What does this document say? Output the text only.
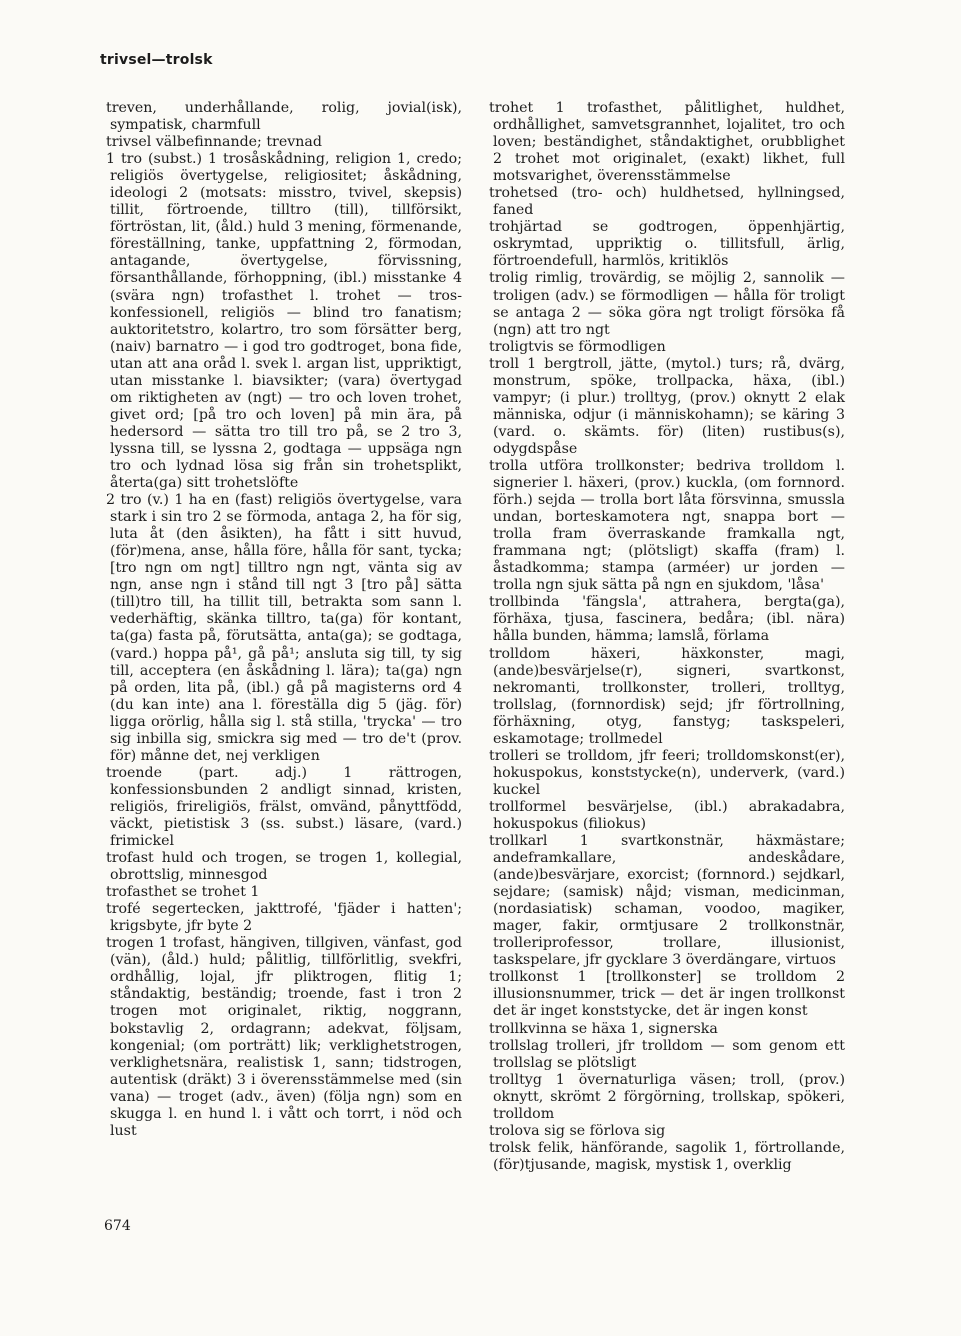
trivsel—trolsk

treven, underhållande, rolig, jovial(isk), sympatisk, charmfull

trivsel välbefinnande; trevnad

1 tro (subst.) 1 trosåskådning, religion 1, credo; religiös övertygelse, religiositet; åskådning, ideologi 2 (motsats: misstro, tvivel, skepsis) tillit, förtroende, tilltro (till), tillförsikt, förtröstan, lit, (åld.) huld 3 mening, förmenande, föreställning, tanke, uppfattning 2, förmodan, antagande, övertygelse, förvissning, försanthållande, förhoppning, (ibl.) misstanke 4 (svära ngn) trofasthet l. trohet — tros- konfessionell, religiös — blind tro fanatism; auktoritetstro, kolartro, tro som försätter berg, (naiv) barnatro — i god tro godtroget, bona fide, utan att ana oråd l. svek l. argan list, uppriktigt, utan misstanke l. biavsikter; (vara) övertygad om riktigheten av (ngt) — tro och loven trohet, givet ord; [på tro och loven] på min ära, på hedersord — sätta tro till tro på, se 2 tro 3, lyssna till, se lyssna 2, godtaga — uppsäga ngn tro och lydnad lösa sig från sin trohetsplikt, återta(ga) sitt trohetslöfte

2 tro (v.) 1 ha en (fast) religiös övertygelse, vara stark i sin tro 2 se förmoda, antaga 2, ha för sig, luta åt (den åsikten), ha fått i sitt huvud, (för)mena, anse, hålla före, hålla för sant, tycka; [tro ngn om ngt] tilltro ngn ngt, vänta sig av ngn, anse ngn i stånd till ngt 3 [tro på] sätta (till)tro till, ha tillit till, betrakta som sann l. vederhäftig, skänka tilltro, ta(ga) för kontant, ta(ga) fasta på, förutsätta, anta(ga); se godtaga, (vard.) hoppa på¹, gå på¹; ansluta sig till, ty sig till, acceptera (en åskådning l. lära); ta(ga) ngn på orden, lita på, (ibl.) gå på magisterns ord 4 (du kan inte) ana l. föreställa dig 5 (jäg. för) ligga orörlig, hålla sig l. stå stilla, 'trycka' — tro sig inbilla sig, smickra sig med — tro de't (prov. för) månne det, nej verkligen

troende (part. adj.) 1 rättrogen, konfessionsbunden 2 andligt sinnad, kristen, religiös, frireligiös, frälst, omvänd, pånyttfödd, väckt, pietistisk 3 (ss. subst.) läsare, (vard.) frimickel

trofast huld och trogen, se trogen 1, kollegial, obrottslig, minnesgod

trofasthet se trohet 1

trofé segertecken, jakttrofé, 'fjäder i hatten'; krigsbyte, jfr byte 2

trogen 1 trofast, hängiven, tillgiven, vänfast, god (vän), (åld.) huld; pålitlig, tillförlitlig, svekfri, ordhållig, lojal, jfr pliktrogen, flitig 1; ståndaktig, beständig; troende, fast i tron 2 trogen mot originalet, riktig, noggrann, bokstavlig 2, ordagrann; adekvat, följsam, kongenial; (om porträtt) lik; verklighetstrogen, verklighetsnära, realistisk 1, sann; tidstrogen, autentisk (dräkt) 3 i överensstämmelse med (sin vana) — troget (adv., även) (följa ngn) som en skugga l. en hund l. i vått och torrt, i nöd och lust

trohet 1 trofasthet, pålitlighet, huldhet, ordhållighet, samvetsgrannhet, lojalitet, tro och loven; beständighet, ståndaktighet, orubblighet 2 trohet mot originalet, (exakt) likhet, full motsvarighet, överensstämmelse

trohetsed (tro- och) huldhetsed, hyllningsed, faned

trohjärtad se godtrogen, öppenhjärtig, oskrymtad, uppriktig o. tillitsfull, ärlig, förtroendefull, harmlös, kritiklös

trolig rimlig, trovärdig, se möjlig 2, sannolik — troligen (adv.) se förmodligen — hålla för troligt se antaga 2 — söka göra ngt troligt försöka få (ngn) att tro ngt

troligtvis se förmodligen

troll 1 bergtroll, jätte, (mytol.) turs; rå, dvärg, monstrum, spöke, trollpacka, häxa, (ibl.) vampyr; (i plur.) trolltyg, (prov.) oknytt 2 elak människa, odjur (i människohamn); se käring 3 (vard. o. skämts. för) (liten) rustibus(s), odygdspåse

trolla utföra trollkonster; bedriva trolldom l. signerier l. häxeri, (prov.) kuckla, (om fornnord. förh.) sejda — trolla bort låta försvinna, smussla undan, borteskamotera ngt, snappa bort — trolla fram överraskande framkalla ngt, frammana ngt; (plötsligt) skaffa (fram) l. åstadkomma; stampa (arméer) ur jorden — trolla ngn sjuk sätta på ngn en sjukdom, 'låsa'

trollbinda 'fängsla', attrahera, bergta(ga), förhäxa, tjusa, fascinera, bedåra; (ibl. nära) hålla bunden, hämma; lamslå, förlama

trolldom häxeri, häxkonster, magi, (ande)besvärjelse(r), signeri, svartkonst, nekromanti, trollkonster, trolleri, trolltyg, trollslag, (fornnordisk) sejd; jfr förtrollning, förhäxning, otyg, fanstyg; taskspeleri, eskamotage; trollmedel

trolleri se trolldom, jfr feeri; trolldomskonst(er), hokuspokus, konststycke(n), underverk, (vard.) kuckel

trollformel besvärjelse, (ibl.) abrakadabra, hokuspokus (filiokus)

trollkarl 1 svartkonstnär, häxmästare; andeframkallare, andeskådare, (ande)besvärjare, exorcist; (fornnord.) sejdkarl, sejdare; (samisk) nåjd; visman, medicinman, (nordasiatisk) schaman, voodoo, magiker, mager, fakir, ormtjusare 2 trollkonstnär, trolleriprofessor, trollare, illusionist, taskspelare, jfr gycklare 3 överdängare, virtuos

trollkonst 1 [trollkonster] se trolldom 2 illusionsnummer, trick — det är ingen trollkonst det är inget konststycke, det är ingen konst

trollkvinna se häxa 1, signerska

trollslag trolleri, jfr trolldom — som genom ett trollslag se plötsligt

trolltyg 1 övernaturliga väsen; troll, (prov.) oknytt, skrömt 2 förgörning, trollskap, spökeri, trolldom

trolova sig se förlova sig

trolsk felik, hänförande, sagolik 1, förtrollande, (för)tjusande, magisk, mystisk 1, overklig

674
